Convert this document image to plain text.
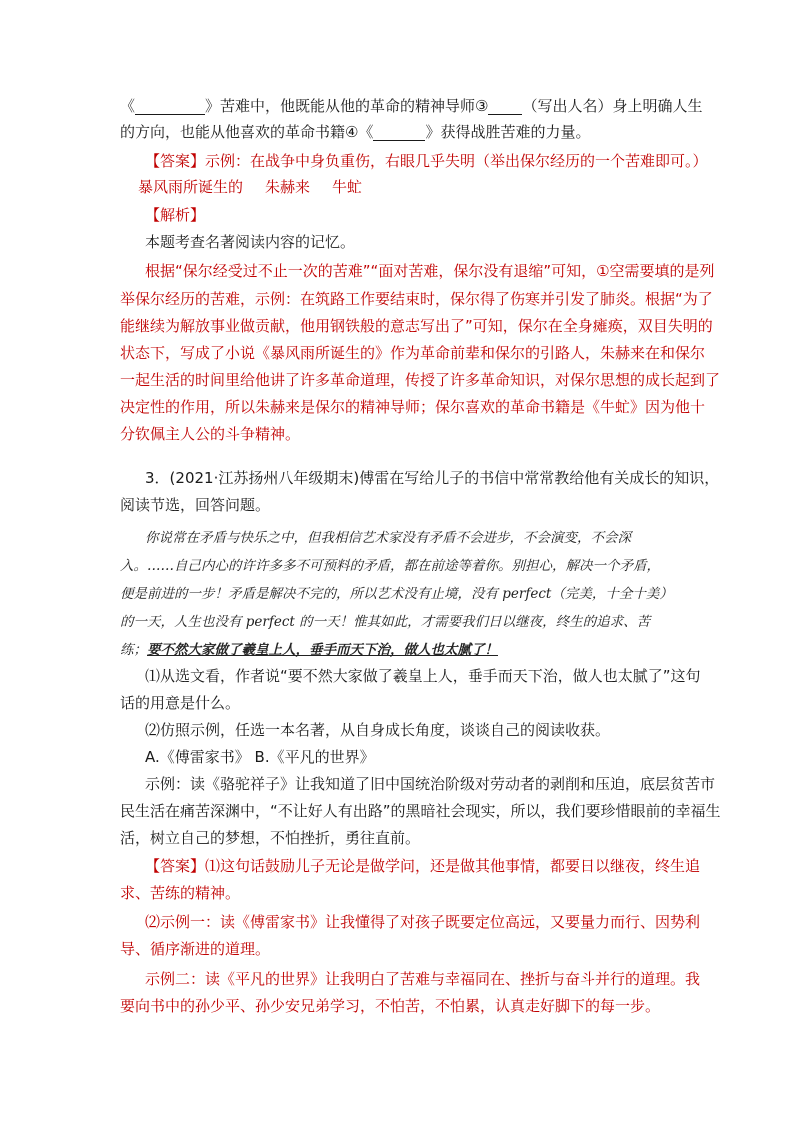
《	》苦难中，他既能从他的革命的精神导师③ （写出人名）身上明确人生
的方向，也能从他喜欢的革命书籍④《	》获得战胜苦难的力量。
【答案】示例：在战争中身负重伤，右眼几乎失明（举出保尔经历的一个苦难即可。）
暴风雨所诞生的 朱赫来 牛虻
【解析】
本题考查名著阅读内容的记忆。
根据“保尔经受过不止一次的苦难”“面对苦难，保尔没有退缩”可知，①空需要填的是列
举保尔经历的苦难，示例：在筑路工作要结束时，保尔得了伤寒并引发了肺炎。根据“为了
能继续为解放事业做贡献，他用钢铁般的意志写出了”可知，保尔在全身瘫痪，双目失明的
状态下，写成了小说《暴风雨所诞生的》作为革命前辈和保尔的引路人，朱赫来在和保尔
一起生活的时间里给他讲了许多革命道理，传授了许多革命知识，对保尔思想的成长起到了
决定性的作用，所以朱赫来是保尔的精神导师；保尔喜欢的革命书籍是《牛虻》因为他十
分钦佩主人公的斗争精神。
3．(2021·江苏扬州八年级期末)傅雷在写给儿子的书信中常常教给他有关成长的知识，
阅读节选，回答问题。
你说常在矛盾与快乐之中，但我相信艺术家没有矛盾不会进步，不会演变，不会深
入。……自己内心的许许多多不可预料的矛盾，都在前途等着你。别担心，解决一个矛盾，
便是前进的一步！矛盾是解决不完的，所以艺术没有止境，没有 perfect（完美，十全十美）
的一天，人生也没有 perfect 的一天！惟其如此，才需要我们日以继夜，终生的追求、苦
练；要不然大家做了羲皇上人，垂手而天下治，做人也太腻了！
⑴从选文看，作者说“要不然大家做了羲皇上人，垂手而天下治，做人也太腻了”这句
话的用意是什么。
⑵仿照示例，任选一本名著，从自身成长角度，谈谈自己的阅读收获。
A.《傅雷家书》 B.《平凡的世界》
示例：读《骆驼祥子》让我知道了旧中国统治阶级对劳动者的剥削和压迫，底层贫苦市
民生活在痛苦深渊中，“不让好人有出路”的黑暗社会现实，所以，我们要珍惜眼前的幸福生
活，树立自己的梦想，不怕挫折，勇往直前。
【答案】⑴这句话鼓励儿子无论是做学问，还是做其他事情，都要日以继夜，终生追
求、苦练的精神。
⑵示例一：读《傅雷家书》让我懂得了对孩子既要定位高远，又要量力而行、因势利
导、循序渐进的道理。
示例二：读《平凡的世界》让我明白了苦难与幸福同在、挫折与奋斗并行的道理。我
要向书中的孙少平、孙少安兄弟学习，不怕苦，不怕累，认真走好脚下的每一步。
